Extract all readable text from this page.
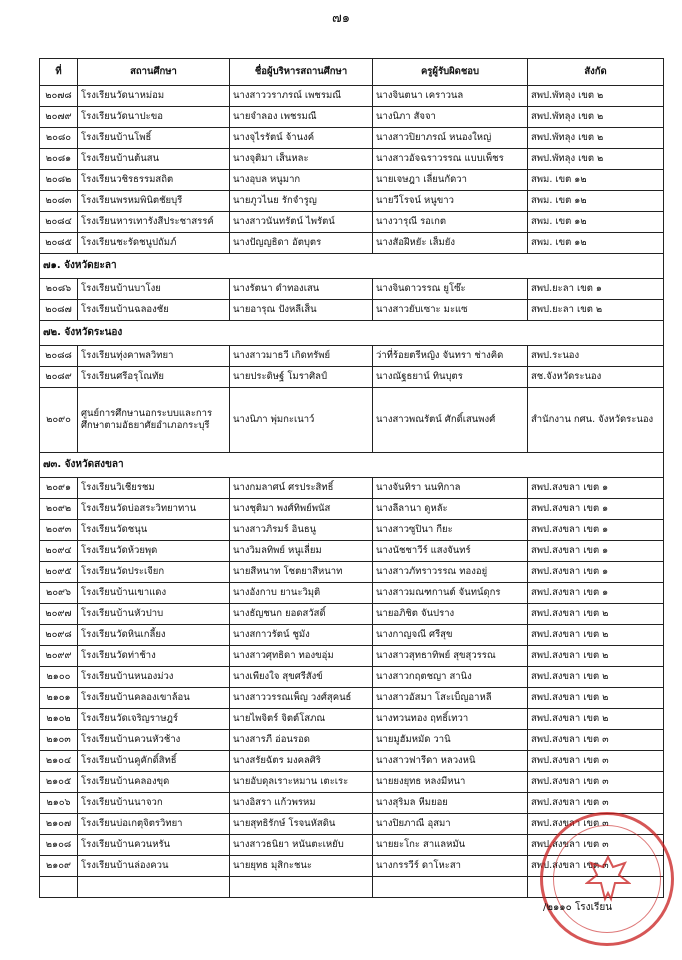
๗๑
ที่	สถานศึกษา	ชื่อผู้บริหารสถานศึกษา	ครูผู้รับผิดชอบ	สังกัด
๒๐๗๘	โรงเรียนวัดนาหม่อม	นางสาววราภรณ์ เพชรมณี	นางจินตนา เคราวนล	สพป.พัทลุง เขต ๒
๒๐๗๙	โรงเรียนวัดนาปะขอ	นายจำลอง เพชรมณี	นางนิภา สัจจา	สพป.พัทลุง เขต ๒
๒๐๘๐	โรงเรียนบ้านโพธิ์	นางจุไรรัตน์ จ้านงค์	นางสาวปิยาภรณ์ หนองใหญ่	สพป.พัทลุง เขต ๒
๒๐๘๑	โรงเรียนบ้านต้นสน	นางจุติมา เส็นหละ	นางสาวอัจฉราวรรณ แบบเพ็ชร	สพป.พัทลุง เขต ๒
๒๐๘๒	โรงเรียนวชิรธรรมสถิต	นางอุบล หนูมาก	นายเจษฎา เลี่ยนกัดวา	สพม. เขต ๑๒
๒๐๘๓	โรงเรียนพรหมพินิตชัยบุรี	นายภูวไนย รักจำรูญ	นายวีโรจน์ หนูขาว	สพม. เขต ๑๒
๒๐๘๔	โรงเรียนหารเทารังสีประชาสรรค์	นางสาวนันทรัตน์ ไพรัตน์	นางวารุณี รอเกต	สพม. เขต ๑๒
๒๐๘๕	โรงเรียนชะรัดชนูปถัมภ์	นางปัญญธิดา อัตบุตร	นางสัอฝีหยัะ เส็มยัง	สพม. เขต ๑๒
๗๑. จังหวัดยะลา				
๒๐๘๖	โรงเรียนบ้านบาโงย	นางรัตนา ดำทองเสน	นางจินดาวรรณ ยูโซ๊ะ	สพป.ยะลา เขต ๑
๒๐๘๗	โรงเรียนบ้านฉลองชัย	นายอารุณ ปังหลีเส็น	นางสาวยับเซาะ มะแซ	สพป.ยะลา เขต ๒
๗๒. จังหวัดระนอง				
๒๐๘๘	โรงเรียนทุ่งคาพลวิทยา	นางสาวมาธวี เกิดทรัพย์	ว่าที่ร้อยตรีหญิง จันทรา ช่างคิด	สพป.ระนอง
๒๐๘๙	โรงเรียนศรีอรุโณทัย	นายประดิษฐ์ โมราศิลป์	นางณัฐธยาน์ ทินบุตร	สช.จังหวัดระนอง
๒๐๙๐	ศูนย์การศึกษานอกระบบและการศึกษาตามอัธยาศัยอำเภอกระบุรี	นางนิภา พุ่มกะเนาว์	นางสาวพณรัตน์ ศักดิ์เสนพงศ์	สำนักงาน กศน. จังหวัดระนอง
๗๓. จังหวัดสงขลา				
๒๐๙๑	โรงเรียนวิเชียรชม	นางกมลาศน์ ศรประสิทธิ์	นางจันทิรา นนทิกาล	สพป.สงขลา เขต ๑
๒๐๙๒	โรงเรียนวัดบ่อสระวิทยาทาน	นางชุติมา พงศ์ทิพย์พนัส	นางลีลานา ดูหลัะ	สพป.สงขลา เขต ๑
๒๐๙๓	โรงเรียนวัดชนุน	นางสาวภิรมร์ อินธนู	นางสาวซูปินา กียะ	สพป.สงขลา เขต ๑
๒๐๙๔	โรงเรียนวัดห้วยพุด	นางวิมลทิพย์ หนูเลี่ยม	นางนัชชาวีร์ แสงจันทร์	สพป.สงขลา เขต ๑
๒๐๙๕	โรงเรียนวัดประเจียก	นายสีหนาท โชตยาสีหนาท	นางสาวภัทราวรรณ ทองอยู่	สพป.สงขลา เขต ๑
๒๐๙๖	โรงเรียนบ้านเขาแดง	นางอังกาบ ยานะวิมุติ	นางสาวมณฑกานต์ จันทน์ดุกร	สพป.สงขลา เขต ๑
๒๐๙๗	โรงเรียนบ้านหัวปาบ	นางธัญชนก ยอดสวัสดิ์	นายอภิชิต จันปราง	สพป.สงขลา เขต ๒
๒๐๙๘	โรงเรียนวัดหินเกลี้ยง	นางสกาวรัตน์ ชูมัง	นางกาญจณี ศรีสุข	สพป.สงขลา เขต ๒
๒๐๙๙	โรงเรียนวัดท่าช้าง	นางสาวศุทธิดา ทองขอุ่ม	นางสาวสุทธาทิพย์ สุขสุวรรณ	สพป.สงขลา เขต ๒
๒๑๐๐	โรงเรียนบ้านหนองม่วง	นางเพียงใจ สุขศรีสังข์	นางสาวกฤตชญา สานิง	สพป.สงขลา เขต ๒
๒๑๐๑	โรงเรียนบ้านคลองเขาล้อน	นางสาววรรณเพ็ญ วงศ์สุคนธ์	นางสาวอัสมา โสะเบ็ญอาหลี	สพป.สงขลา เขต ๒
๒๑๐๒	โรงเรียนวัดเจริญราษฎร์	นายไพจิตร์ จิตต์โสภณ	นางทวนทอง ฤทธิ์เทวา	สพป.สงขลา เขต ๒
๒๑๐๓	โรงเรียนบ้านควนหัวช้าง	นางสารภี อ่อนรอด	นายมูฮัมหมัด วานิ	สพป.สงขลา เขต ๓
๒๑๐๔	โรงเรียนบ้านคูคักดิ์สิทธิ์	นางสรัยฉัตร มงคลศิริ	นางสาวฟารีดา หลวงหนิ	สพป.สงขลา เขต ๓
๒๑๐๕	โรงเรียนบ้านคลองขุด	นายอับดุลเราะหมาน เตะเระ	นายยงยุทธ หลงมีหนา	สพป.สงขลา เขต ๓
๒๑๐๖	โรงเรียนบ้านนาจวก	นางอิสรา แก้วพรหม	นางสุริมล หีมยอย	สพป.สงขลา เขต ๓
๒๑๐๗	โรงเรียนบ่อเกตุจิตรวิทยา	นายสุทธิรักษ์ โรจนหัสดิน	นางปิยภาณี อุสมา	สพป.สงขลา เขต ๓
๒๑๐๘	โรงเรียนบ้านควนหรัน	นางสาวธนิยา หนันตะเหยับ	นายยะโกะ สาแลหมัน	สพป.สงขลา เขต ๓
๒๑๐๙	โรงเรียนบ้านล่องควน	นายยุทธ มุสิกะชนะ	นางกรรวีร์ ดาโหะสา	สพป.สงขลา เขต ๓

/๒๑๑๐ โรงเรียน
